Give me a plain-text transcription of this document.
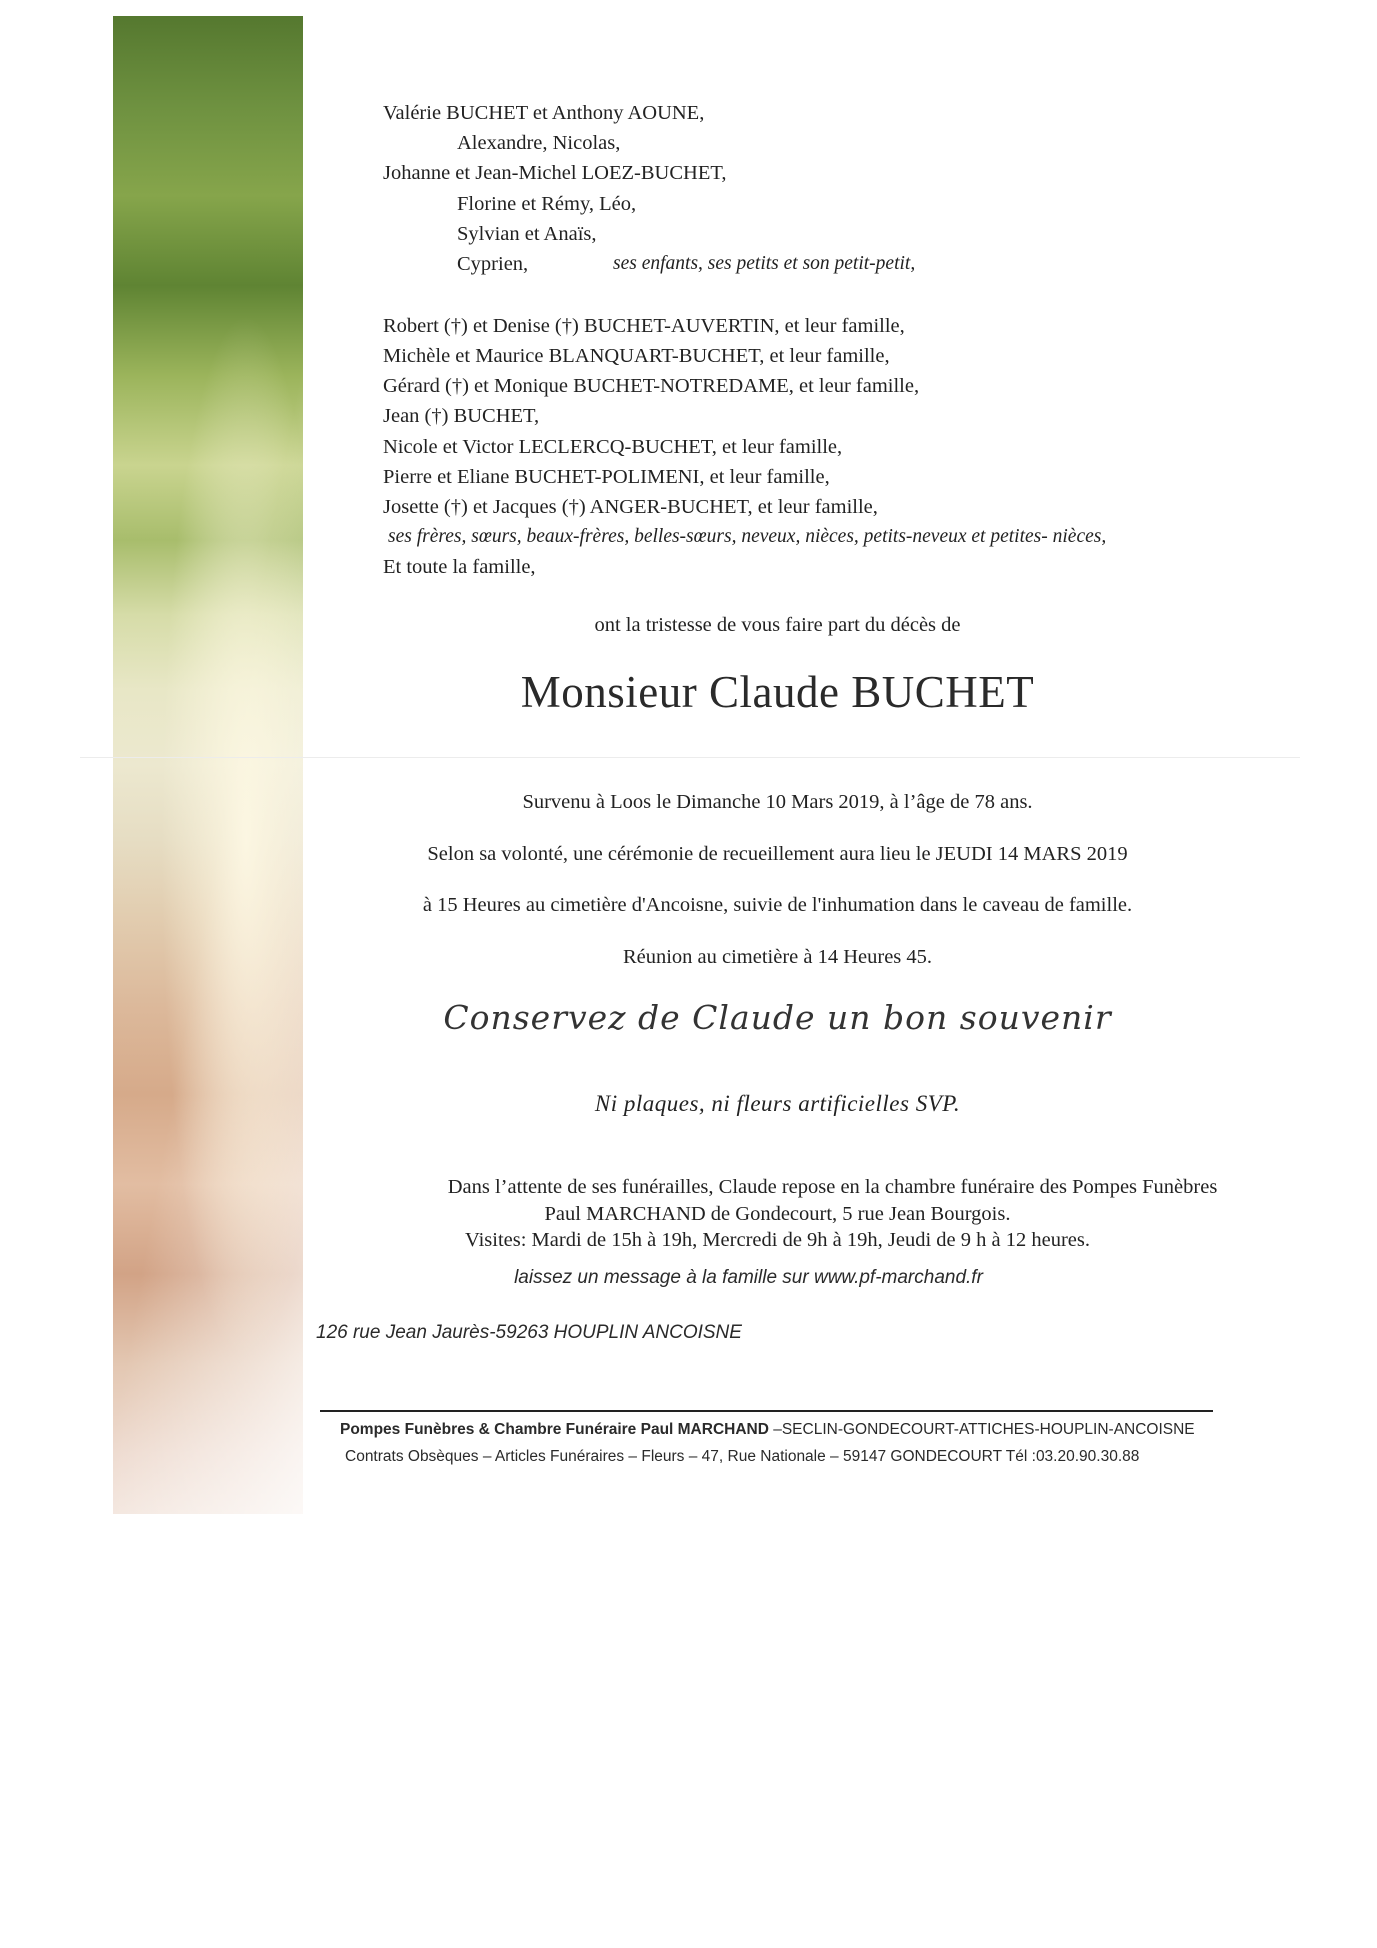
Valérie BUCHET et Anthony AOUNE,
Alexandre, Nicolas,
Johanne et Jean-Michel LOEZ-BUCHET,
Florine et Rémy, Léo,
Sylvian et Anaïs,
Cyprien,	ses enfants, ses petits et son petit-petit,
Robert (†) et Denise (†) BUCHET-AUVERTIN, et leur famille,
Michèle et Maurice BLANQUART-BUCHET, et leur famille,
Gérard (†) et Monique BUCHET-NOTREDAME, et leur famille,
Jean (†) BUCHET,
Nicole et Victor LECLERCQ-BUCHET, et leur famille,
Pierre et Eliane BUCHET-POLIMENI, et leur famille,
Josette (†) et Jacques (†) ANGER-BUCHET, et leur famille,
ses frères, sœurs, beaux-frères, belles-sœurs, neveux, nièces, petits-neveux et petites- nièces,
Et toute la famille,
ont la tristesse de vous faire part du décès de
Monsieur Claude BUCHET
Survenu à Loos le Dimanche 10 Mars 2019, à l’âge de 78 ans.
Selon sa volonté, une cérémonie de recueillement aura lieu le JEUDI 14 MARS 2019
à 15 Heures au cimetière d'Ancoisne, suivie de l'inhumation dans le caveau de famille.
Réunion au cimetière à 14 Heures 45.
Conservez de Claude un bon souvenir
Ni plaques, ni fleurs artificielles SVP.
Dans l’attente de ses funérailles, Claude repose en la chambre funéraire des Pompes Funèbres
Paul MARCHAND de Gondecourt, 5 rue Jean Bourgois.
Visites: Mardi de 15h à 19h, Mercredi de 9h à 19h, Jeudi de 9 h à 12 heures.
laissez un message à la famille sur www.pf-marchand.fr
126 rue Jean Jaurès-59263 HOUPLIN ANCOISNE
Pompes Funèbres & Chambre Funéraire Paul MARCHAND –SECLIN-GONDECOURT-ATTICHES-HOUPLIN-ANCOISNE
Contrats Obsèques – Articles Funéraires – Fleurs – 47, Rue Nationale – 59147 GONDECOURT Tél :03.20.90.30.88
